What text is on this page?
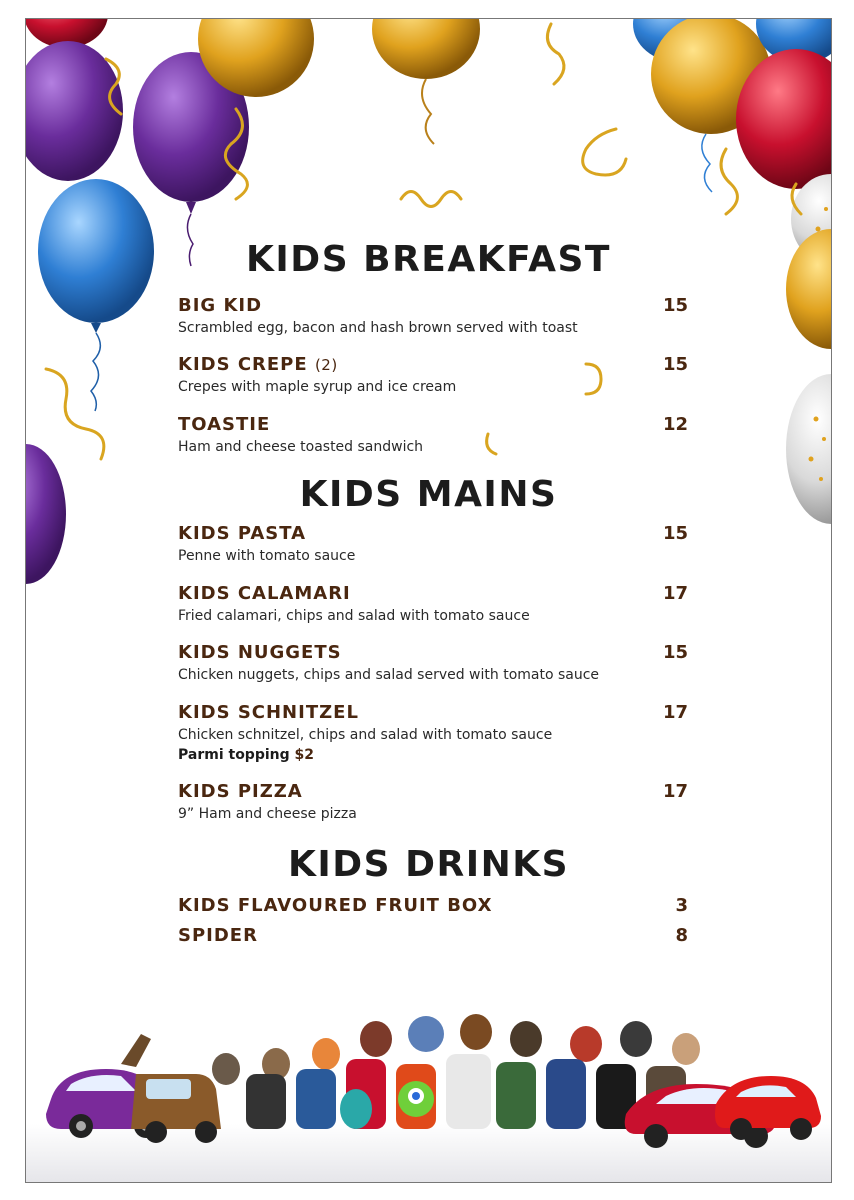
KIDS BREAKFAST
KIDS MAINS
KIDS DRINKS
BIG KID
Scrambled egg, bacon and hash brown served with toast
15
KIDS CREPE (2)
Crepes with maple syrup and ice cream
15
TOASTIE
Ham and cheese toasted sandwich
12
KIDS PASTA
Penne with tomato sauce
15
KIDS CALAMARI
Fried calamari, chips and salad with tomato sauce
17
KIDS NUGGETS
Chicken nuggets, chips and salad served with tomato sauce
15
KIDS SCHNITZEL
Chicken schnitzel, chips and salad with tomato sauce
Parmi topping $2
17
KIDS PIZZA
9” Ham and cheese pizza
17
KIDS FLAVOURED FRUIT BOX	3
SPIDER	8
